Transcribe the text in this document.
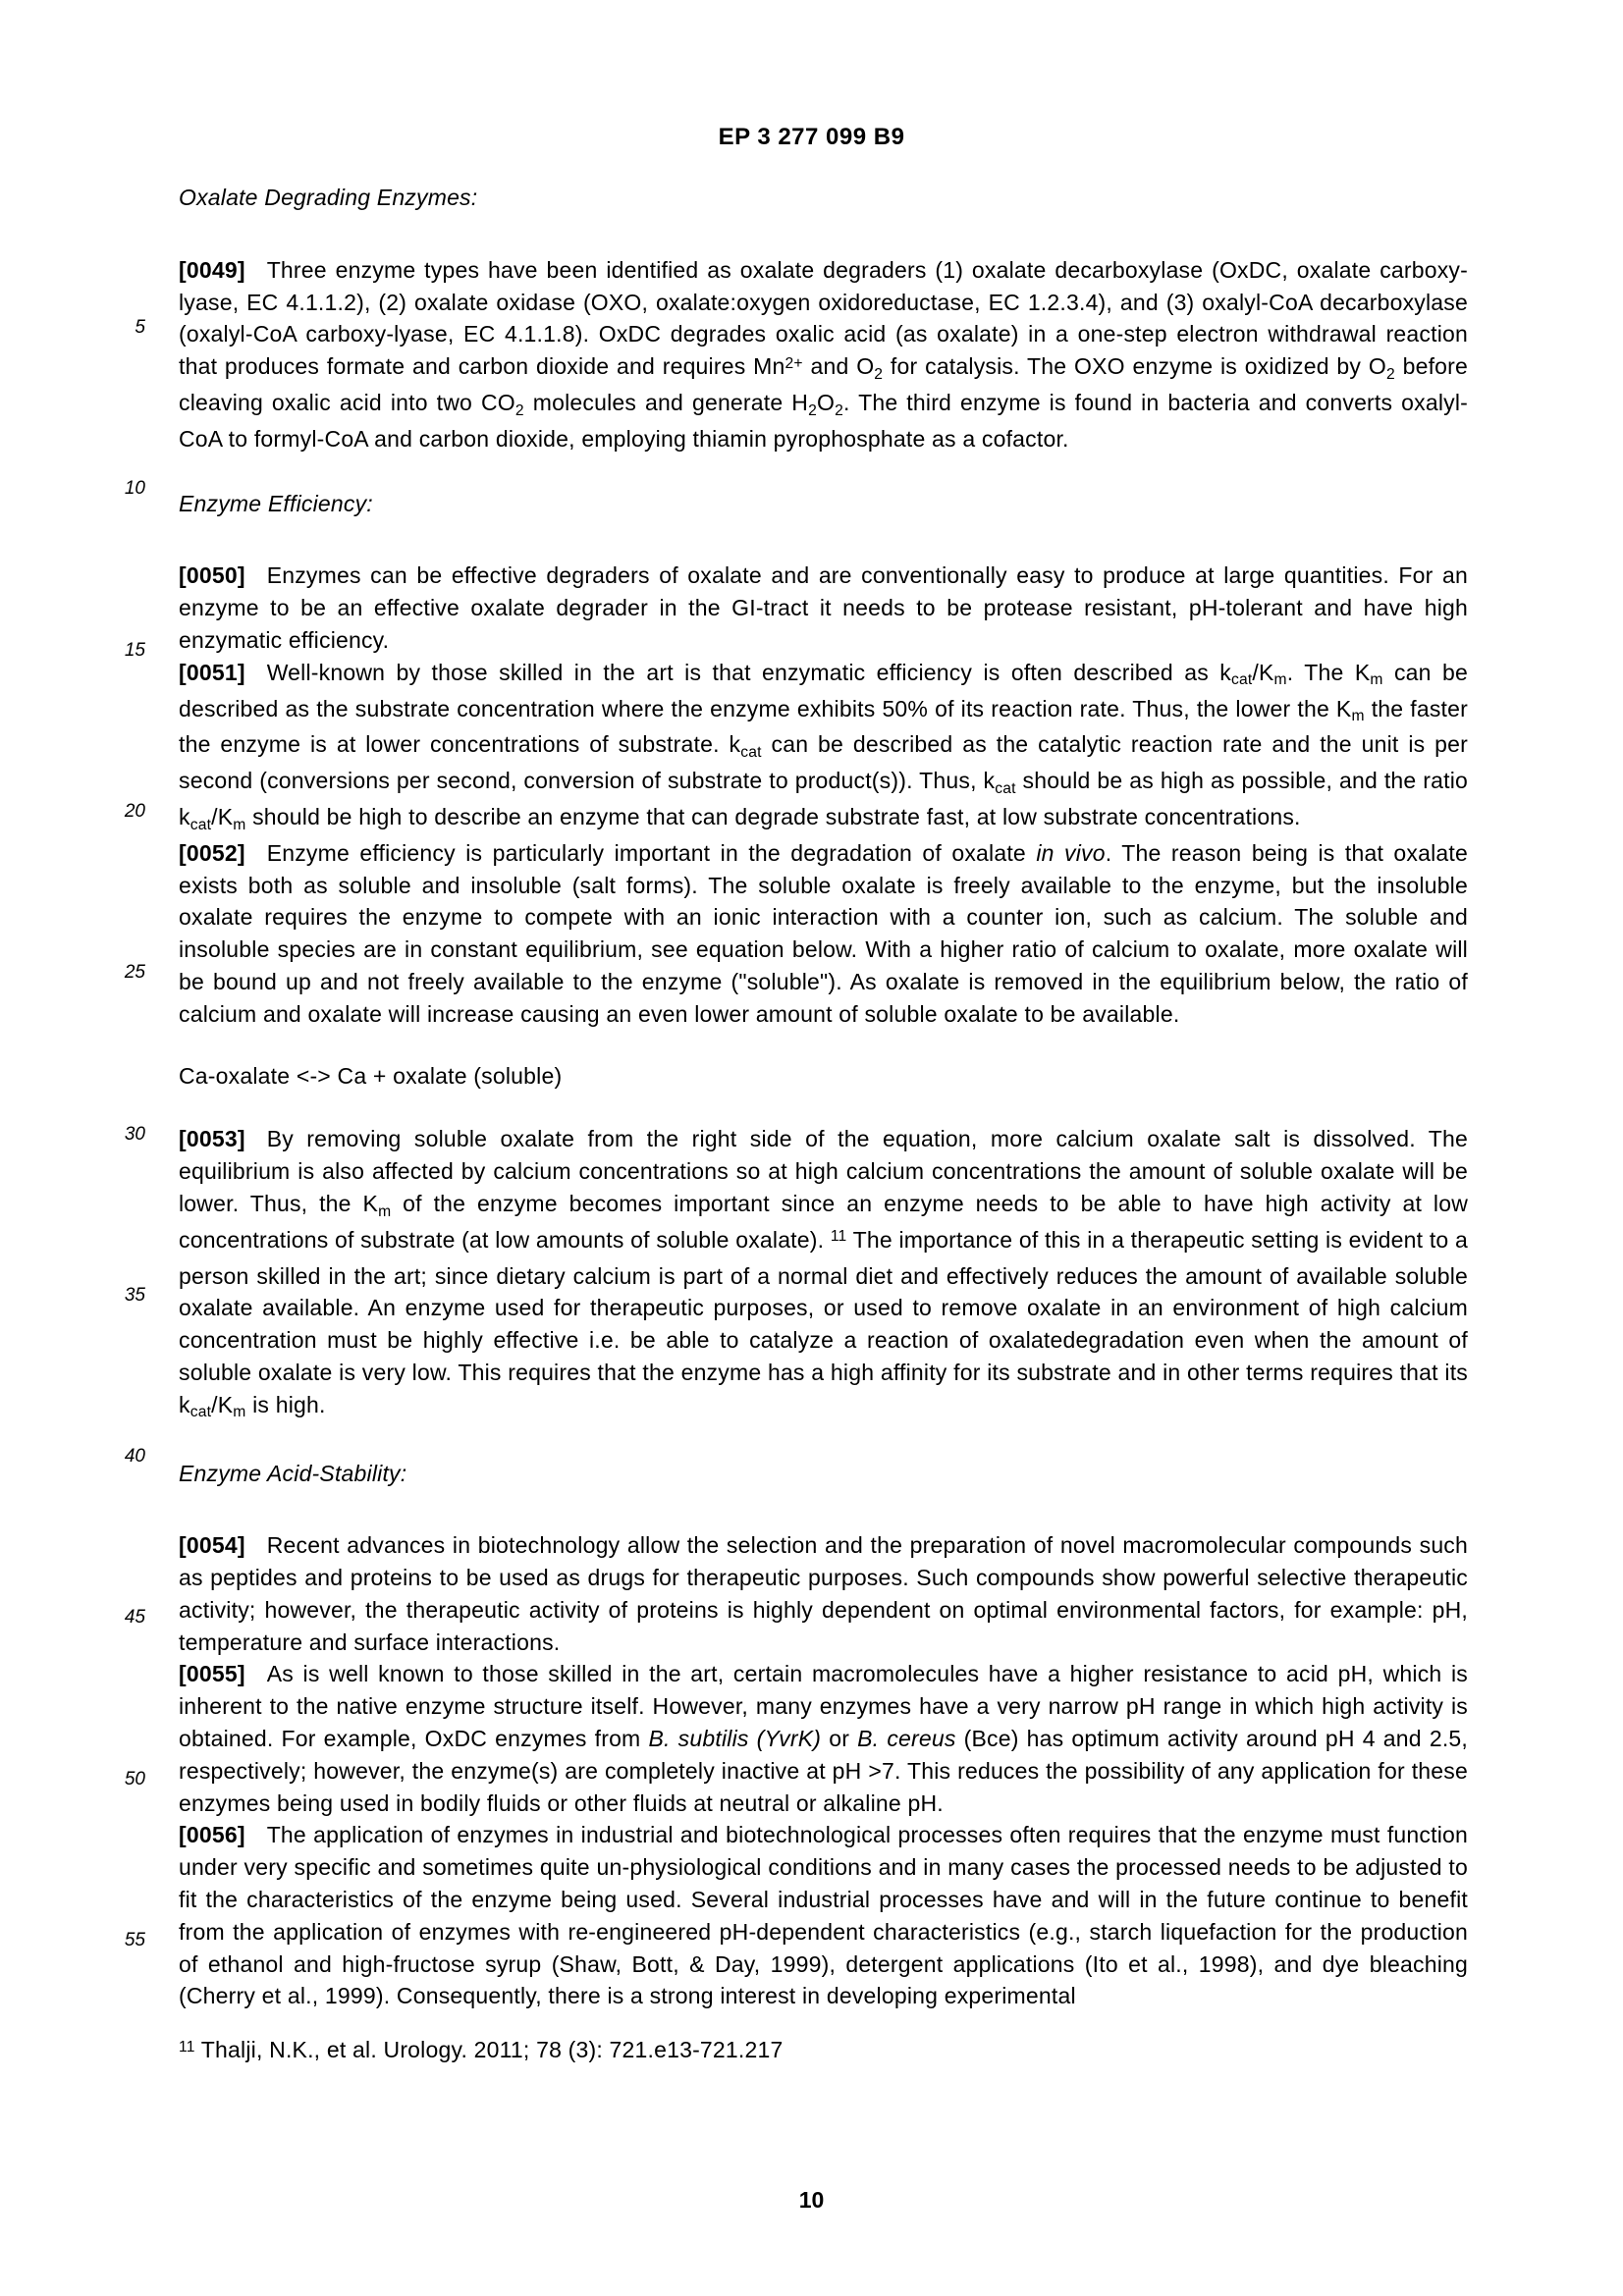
EP 3 277 099 B9
5
10
15
20
25
30
35
40
45
50
55
Oxalate Degrading Enzymes:

[0049] Three enzyme types have been identified as oxalate degraders (1) oxalate decarboxylase (OxDC, oxalate carboxy-lyase, EC 4.1.1.2), (2) oxalate oxidase (OXO, oxalate:oxygen oxidoreductase, EC 1.2.3.4), and (3) oxalyl-CoA decarboxylase (oxalyl-CoA carboxy-lyase, EC 4.1.1.8). OxDC degrades oxalic acid (as oxalate) in a one-step electron withdrawal reaction that produces formate and carbon dioxide and requires $Mn^{2+}$ and $O_2$ for catalysis. The OXO enzyme is oxidized by $O_2$ before cleaving oxalic acid into two $CO_2$ molecules and generate $H_2O_2$. The third enzyme is found in bacteria and converts oxalyl-CoA to formyl-CoA and carbon dioxide, employing thiamin pyrophosphate as a cofactor.

Enzyme Efficiency:

[0050] Enzymes can be effective degraders of oxalate and are conventionally easy to produce at large quantities. For an enzyme to be an effective oxalate degrader in the GI-tract it needs to be protease resistant, pH-tolerant and have high enzymatic efficiency.

[0051] Well-known by those skilled in the art is that enzymatic efficiency is often described as $k_{cat}/K_m$. The $K_m$ can be described as the substrate concentration where the enzyme exhibits 50% of its reaction rate. Thus, the lower the $K_m$ the faster the enzyme is at lower concentrations of substrate. $k_{cat}$ can be described as the catalytic reaction rate and the unit is per second (conversions per second, conversion of substrate to product(s)). Thus, $k_{cat}$ should be as high as possible, and the ratio $k_{cat}/K_m$ should be high to describe an enzyme that can degrade substrate fast, at low substrate concentrations.

[0052] Enzyme efficiency is particularly important in the degradation of oxalate in vivo. The reason being is that oxalate exists both as soluble and insoluble (salt forms). The soluble oxalate is freely available to the enzyme, but the insoluble oxalate requires the enzyme to compete with an ionic interaction with a counter ion, such as calcium. The soluble and insoluble species are in constant equilibrium, see equation below. With a higher ratio of calcium to oxalate, more oxalate will be bound up and not freely available to the enzyme ("soluble"). As oxalate is removed in the equilibrium below, the ratio of calcium and oxalate will increase causing an even lower amount of soluble oxalate to be available.

Ca-oxalate <-> Ca + oxalate (soluble)

[0053] By removing soluble oxalate from the right side of the equation, more calcium oxalate salt is dissolved. The equilibrium is also affected by calcium concentrations so at high calcium concentrations the amount of soluble oxalate will be lower. Thus, the $K_m$ of the enzyme becomes important since an enzyme needs to be able to have high activity at low concentrations of substrate (at low amounts of soluble oxalate). $^{11}$ The importance of this in a therapeutic setting is evident to a person skilled in the art; since dietary calcium is part of a normal diet and effectively reduces the amount of available soluble oxalate available. An enzyme used for therapeutic purposes, or used to remove oxalate in an environment of high calcium concentration must be highly effective i.e. be able to catalyze a reaction of oxalatedegradation even when the amount of soluble oxalate is very low. This requires that the enzyme has a high affinity for its substrate and in other terms requires that its $k_{cat}/K_m$ is high.

Enzyme Acid-Stability:

[0054] Recent advances in biotechnology allow the selection and the preparation of novel macromolecular compounds such as peptides and proteins to be used as drugs for therapeutic purposes. Such compounds show powerful selective therapeutic activity; however, the therapeutic activity of proteins is highly dependent on optimal environmental factors, for example: pH, temperature and surface interactions.

[0055] As is well known to those skilled in the art, certain macromolecules have a higher resistance to acid pH, which is inherent to the native enzyme structure itself. However, many enzymes have a very narrow pH range in which high activity is obtained. For example, OxDC enzymes from B. subtilis (YvrK) or B. cereus (Bce) has optimum activity around pH 4 and 2.5, respectively; however, the enzyme(s) are completely inactive at pH >7. This reduces the possibility of any application for these enzymes being used in bodily fluids or other fluids at neutral or alkaline pH.

[0056] The application of enzymes in industrial and biotechnological processes often requires that the enzyme must function under very specific and sometimes quite un-physiological conditions and in many cases the processed needs to be adjusted to fit the characteristics of the enzyme being used. Several industrial processes have and will in the future continue to benefit from the application of enzymes with re-engineered pH-dependent characteristics (e.g., starch liquefaction for the production of ethanol and high-fructose syrup (Shaw, Bott, & Day, 1999), detergent applications (Ito et al., 1998), and dye bleaching (Cherry et al., 1999). Consequently, there is a strong interest in developing experimental

$^{11}$ Thalji, N.K., et al. Urology. 2011; 78 (3): 721.e13-721.217

10
